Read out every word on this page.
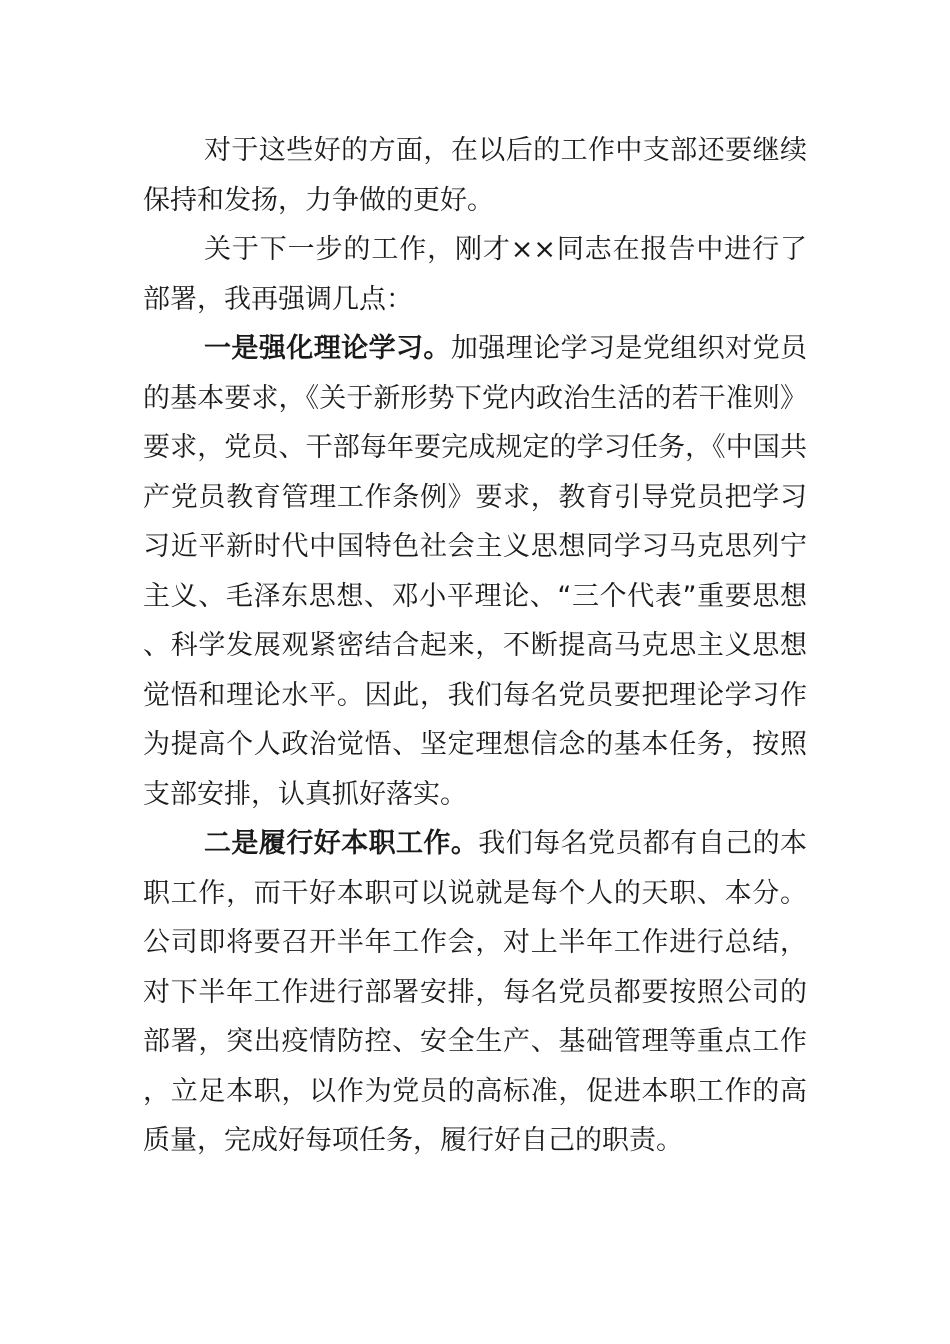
对于这些好的方面，在以后的工作中支部还要继续保持和发扬，力争做的更好。

关于下一步的工作，刚才××同志在报告中进行了部署，我再强调几点：

一是强化理论学习。加强理论学习是党组织对党员的基本要求，《关于新形势下党内政治生活的若干准则》要求，党员、干部每年要完成规定的学习任务，《中国共产党员教育管理工作条例》要求，教育引导党员把学习习近平新时代中国特色社会主义思想同学习马克思列宁主义、毛泽东思想、邓小平理论、“三个代表”重要思想、科学发展观紧密结合起来，不断提高马克思主义思想觉悟和理论水平。因此，我们每名党员要把理论学习作为提高个人政治觉悟、坚定理想信念的基本任务，按照支部安排，认真抓好落实。

二是履行好本职工作。我们每名党员都有自己的本职工作，而干好本职可以说就是每个人的天职、本分。公司即将要召开半年工作会，对上半年工作进行总结，对下半年工作进行部署安排，每名党员都要按照公司的部署，突出疫情防控、安全生产、基础管理等重点工作，立足本职，以作为党员的高标准，促进本职工作的高质量，完成好每项任务，履行好自己的职责。
